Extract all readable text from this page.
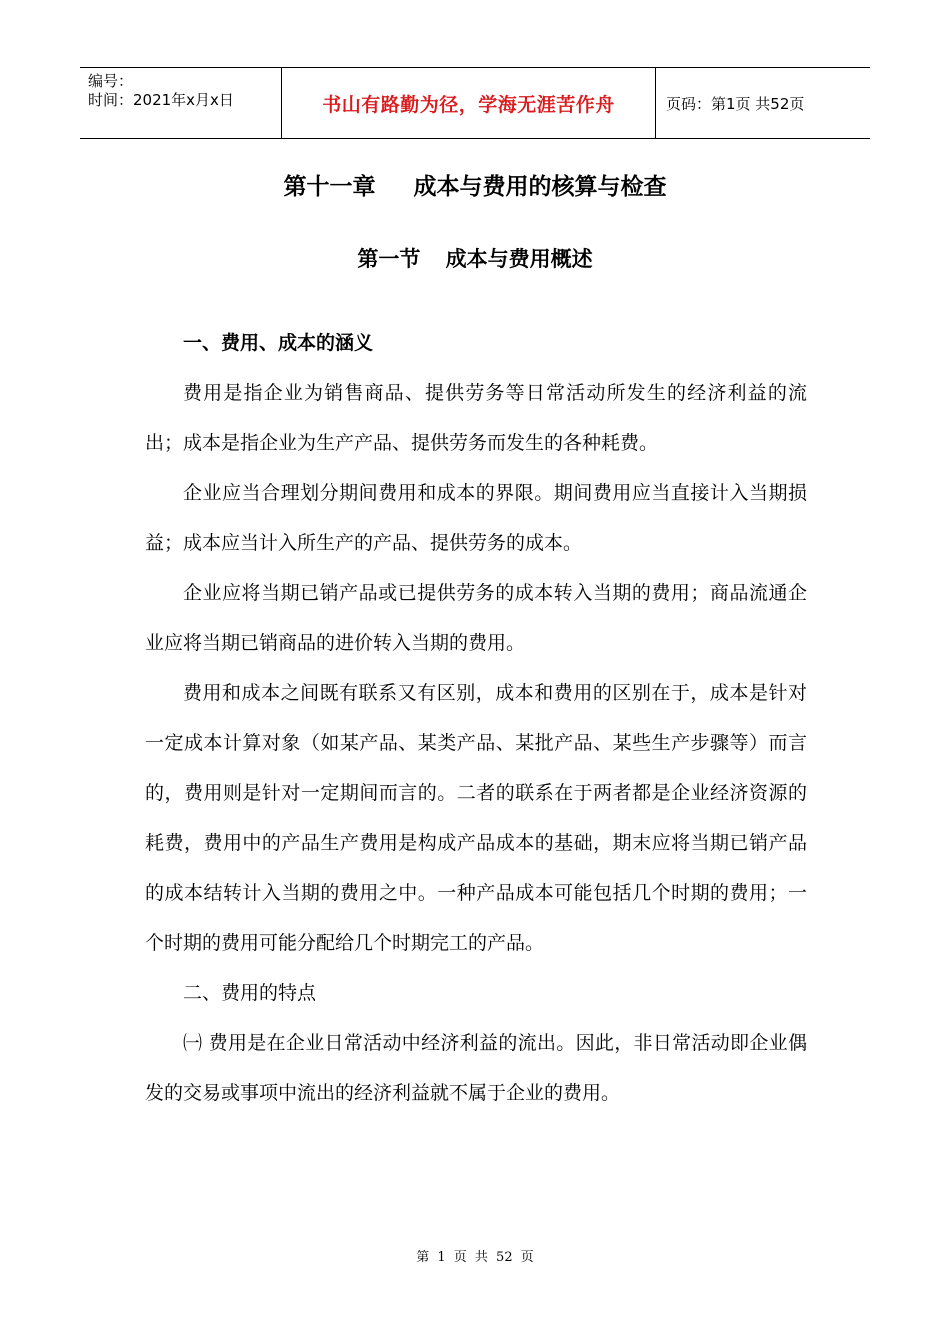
编号：
时间：2021年x月x日	书山有路勤为径，学海无涯苦作舟	页码：第1页 共52页
第十一章 成本与费用的核算与检查
第一节 成本与费用概述

一、费用、成本的涵义

费用是指企业为销售商品、提供劳务等日常活动所发生的经济利益的流出；成本是指企业为生产产品、提供劳务而发生的各种耗费。

企业应当合理划分期间费用和成本的界限。期间费用应当直接计入当期损益；成本应当计入所生产的产品、提供劳务的成本。

企业应将当期已销产品或已提供劳务的成本转入当期的费用；商品流通企业应将当期已销商品的进价转入当期的费用。

费用和成本之间既有联系又有区别，成本和费用的区别在于，成本是针对一定成本计算对象（如某产品、某类产品、某批产品、某些生产步骤等）而言的，费用则是针对一定期间而言的。二者的联系在于两者都是企业经济资源的耗费，费用中的产品生产费用是构成产品成本的基础，期末应将当期已销产品的成本结转计入当期的费用之中。一种产品成本可能包括几个时期的费用；一个时期的费用可能分配给几个时期完工的产品。

二、费用的特点

㈠ 费用是在企业日常活动中经济利益的流出。因此，非日常活动即企业偶发的交易或事项中流出的经济利益就不属于企业的费用。

第 1 页 共 52 页
